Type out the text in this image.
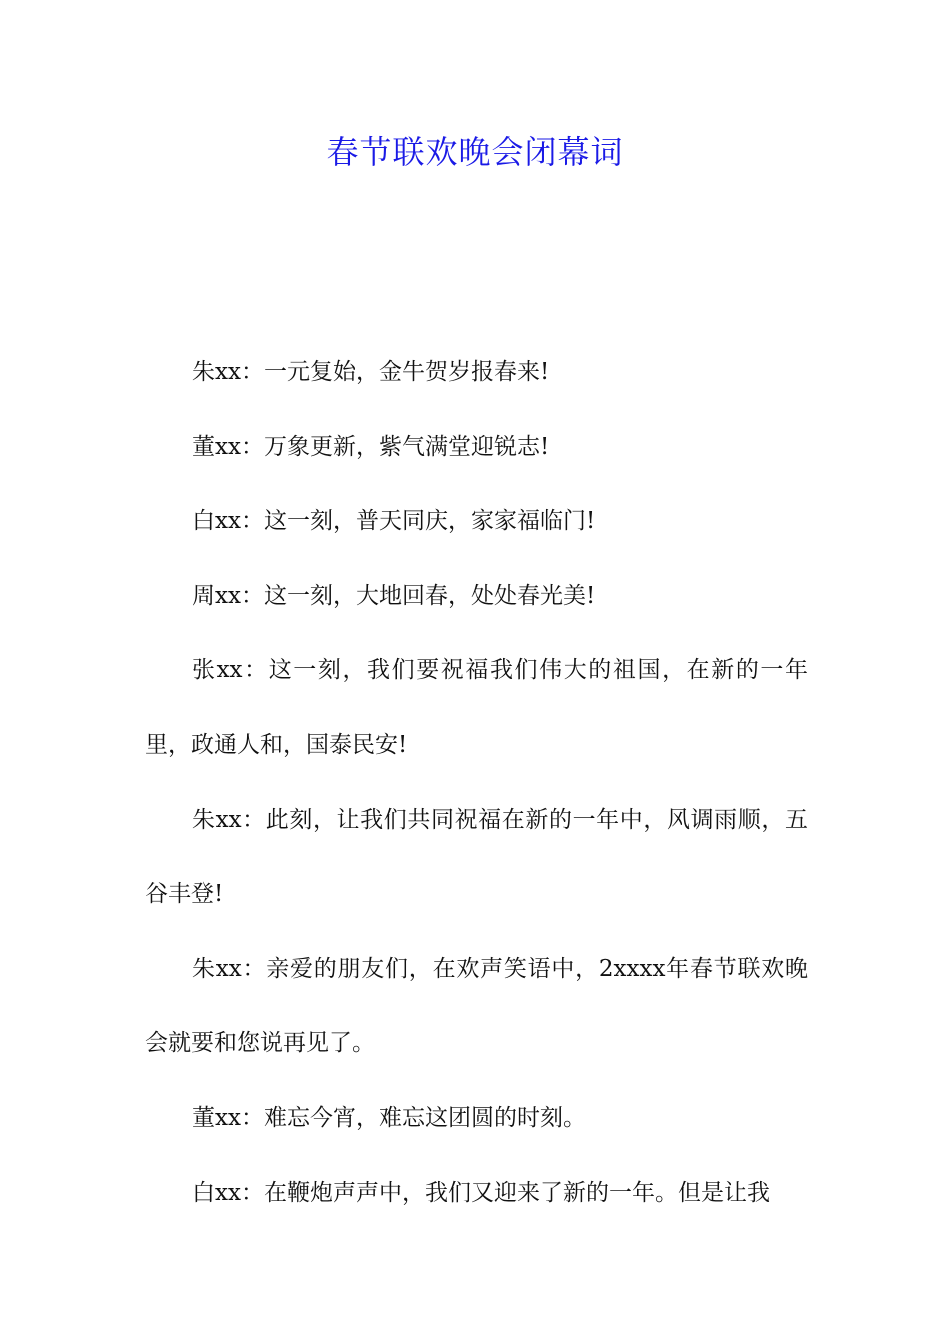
春节联欢晚会闭幕词

朱xx：一元复始，金牛贺岁报春来!

董xx：万象更新，紫气满堂迎锐志!

白xx：这一刻，普天同庆，家家福临门!

周xx：这一刻，大地回春，处处春光美!

张xx：这一刻，我们要祝福我们伟大的祖国，在新的一年里，政通人和，国泰民安!

朱xx：此刻，让我们共同祝福在新的一年中，风调雨顺，五谷丰登!

朱xx：亲爱的朋友们，在欢声笑语中，2xxxx年春节联欢晚会就要和您说再见了。

董xx：难忘今宵，难忘这团圆的时刻。

白xx：在鞭炮声声中，我们又迎来了新的一年。但是让我
